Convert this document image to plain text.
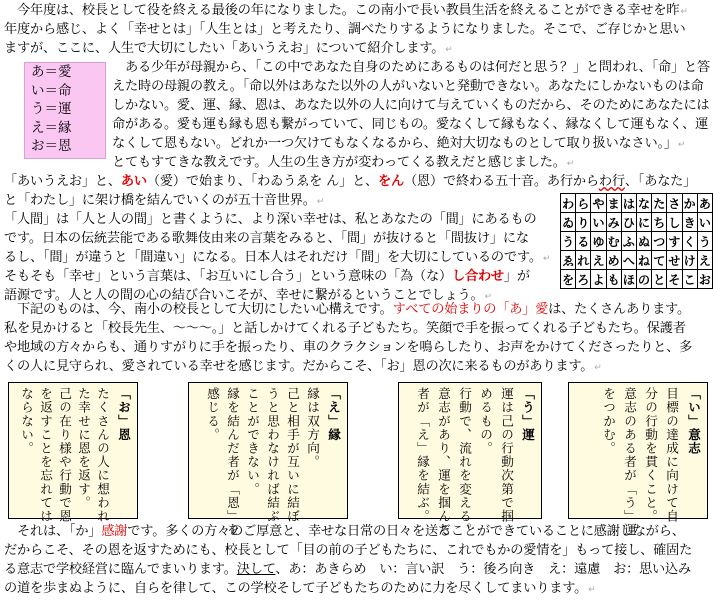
　今年度は、校長として役を終える最後の年になりました。この南小で長い教員生活を終えることができる幸せを昨↵
年度から感じ、よく「幸せとは」「人生とは」と考えたり、調べたりするようになりました。そこで、ご存じかと思い
ますが、ここに、人生で大切にしたい「あいうえお」について紹介します。↵
あ＝愛
い＝命
う＝運
え＝縁
お＝恩
　ある少年が母親から、「この中であなた自身のためにあるものは何だと思う？」と問われ、「命」と答
えた時の母親の教え。「命以外はあなた以外の人がいないと発動できない。あなたにしかないものは命
しかない。愛、運、縁、恩は、あなた以外の人に向けて与えていくものだから、そのためにあなたには
命がある。愛も運も縁も恩も繋がっていて、同じもの。愛なくして縁もなく、縁なくして運もなく、運
なくして恩もない。どれか一つ欠けてもなくなるから、絶対大切なものとして取り扱いなさい。」↵
とてもすてきな教えです。人生の生き方が変わってくる教えだと感じました。↵
「あいうえお」と、あい（愛）で始まり、「わゐうゑを ん」と、をん（恩）で終わる五十音。あ行からわ行、「あなた」
と「わたし」に架け橋を結んでいくのが五十音世界。↵
「人間」は「人と人の間」と書くように、より深い幸せは、私とあなたの「間」にあるもの
です。日本の伝統芸能である歌舞伎由来の言葉をみると、「間」が抜けると「間抜け」にな
るし、「間」が違うと「間違い」になる。日本人はそれだけ「間」を大切にしているのです。↵
そもそも「幸せ」という言葉は、「お互いにし合う」という意味の「為（な）し合わせ」が
語源です。人と人の間の心の結び合いこそが、幸せに繋がるということでしょう。↵
わ	ら	や	ま	は	な	た	さ	か	あ
ゐ	り	い	み	ひ	に	ち	し	き	い
う	る	ゆ	む	ふ	ぬ	つ	す	く	う
ゑ	れ	え	め	へ	ね	て	せ	け	え
を	ろ	よ	も	ほ	の	と	そ	こ	お
　下記のものは、今、南小の校長として大切にしたい心構えです。すべての始まりの「あ」愛は、たくさんあります。
私を見かけると「校長先生、～～～。」と話しかけてくれる子どもたち。笑顔で手を振ってくれる子どもたち。保護者
や地域の方々からも、通りすがりに手を振ったり、車のクラクションを鳴らしたり、お声をかけてくださったりと、多
くの人に見守られ、愛されている幸せを感じます。だからこそ、「お」恩の次に来るものがあります。↵
「お」恩
たくさんの人に想われ
た幸せに恩を返す。
己の在り様や行動で恩
を返すことを忘れては
ならない。	「え」縁
縁は双方向。
己と相手が互いに結ぼ
うと思わなければ結ぶ
ことができない。
縁を結んだ者が「恩」を
感じる。	「う」運
運は己の行動次第で掴
めるもの。
行動で、流れを変える。
意志があり、運を掴んだ
者が「え」縁を結ぶ。	「い」意志
目標の達成に向けて自
分の行動を貫くこと。
意志のある者が「う」運
をつかむ。
　それは、「か」感謝です。多くの方々のご厚意と、幸せな日常の日々を送ることができていることに感謝しながら、
だからこそ、その恩を返すためにも、校長として「目の前の子どもたちに、これでもかの愛情を」もって接し、確固た
る意志で学校経営に臨んでまいります。決して、あ：あきらめ　い：言い訳　う：後ろ向き　え：遠慮　お：思い込み
の道を歩まぬように、自らを律して、この学校そして子どもたちのために力を尽くしてまいります。↵
